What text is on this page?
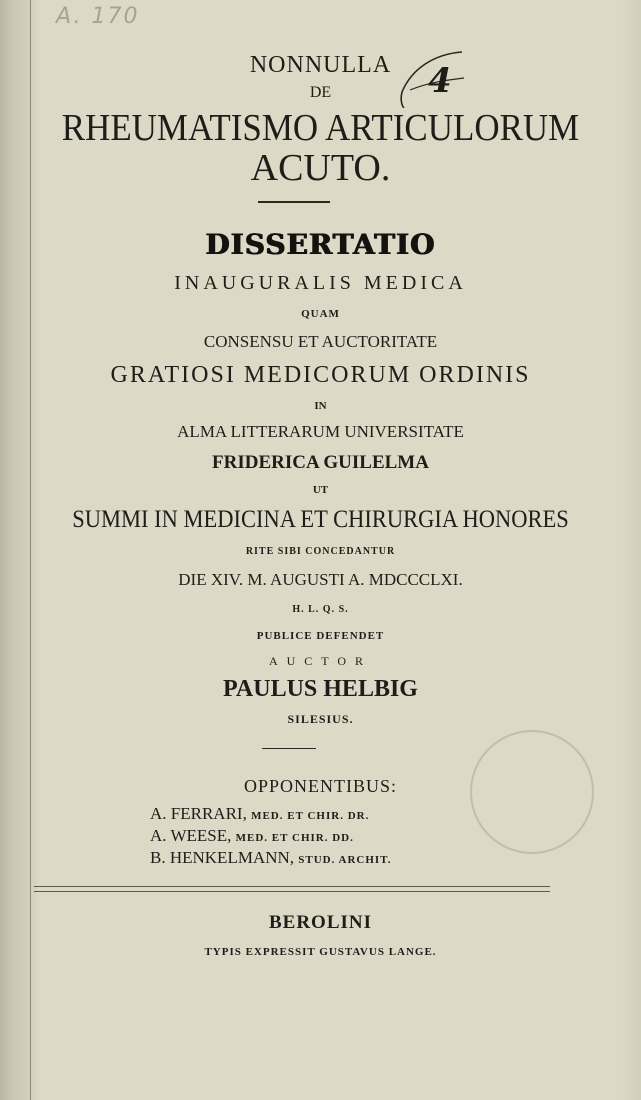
A. 170
4
NONNULLA
DE
RHEUMATISMO ARTICULORUM
ACUTO.
DISSERTATIO
INAUGURALIS MEDICA
QUAM
CONSENSU ET AUCTORITATE
GRATIOSI MEDICORUM ORDINIS
IN
ALMA LITTERARUM UNIVERSITATE
FRIDERICA GUILELMA
UT
SUMMI IN MEDICINA ET CHIRURGIA HONORES
RITE SIBI CONCEDANTUR
DIE XIV. M. AUGUSTI A. MDCCCLXI.
H. L. Q. S.
PUBLICE DEFENDET
AUCTOR
PAULUS HELBIG
SILESIUS.
OPPONENTIBUS:
A. FERRARI, MED. ET CHIR. DR.
A. WEESE, MED. ET CHIR. DD.
B. HENKELMANN, STUD. ARCHIT.
BEROLINI
TYPIS EXPRESSIT GUSTAVUS LANGE.
